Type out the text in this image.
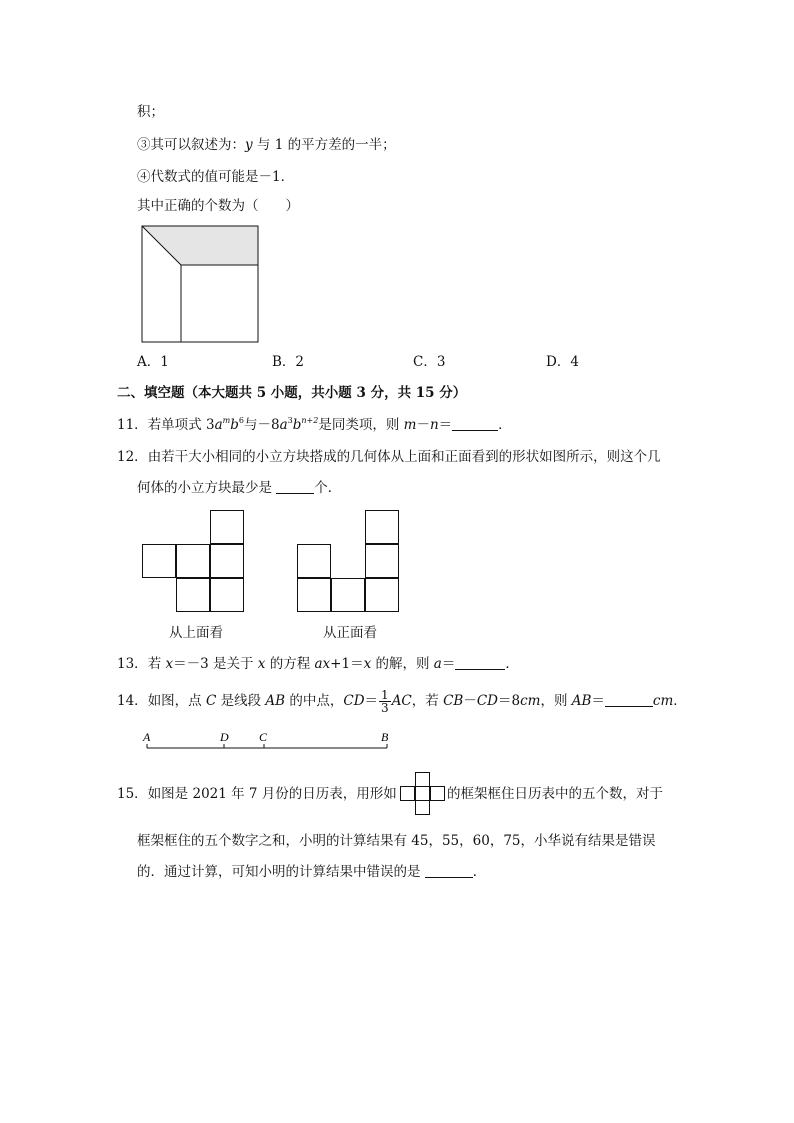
积；
③其可以叙述为：y 与 1 的平方差的一半；
④代数式的值可能是－1．
其中正确的个数为（　　）
A．1	B．2	C．3	D．4
二、填空题（本大题共 5 小题，共小题 3 分，共 15 分）
11．若单项式 $3a^mb^6$与$-8a^3b^{n+2}$是同类项，则 m－n＝	．
12．由若干大小相同的小立方块搭成的几何体从上面和正面看到的形状如图所示，则这个几
何体的小立方块最少是	个．
从上面看	从正面看
13．若 x＝－3 是关于 x 的方程 ax+1＝x 的解，则 a＝	．
14．如图，点 C 是线段 AB 的中点，$CD= \frac{1}{3}$ AC，若 CB－CD＝8cm，则 AB＝	cm．
A	D	C	B
15．如图是 2021 年 7 月份的日历表，用形如	的框架框住日历表中的五个数，对于
框架框住的五个数字之和，小明的计算结果有 45，55，60，75，小华说有结果是错误
的．通过计算，可知小明的计算结果中错误的是	．
